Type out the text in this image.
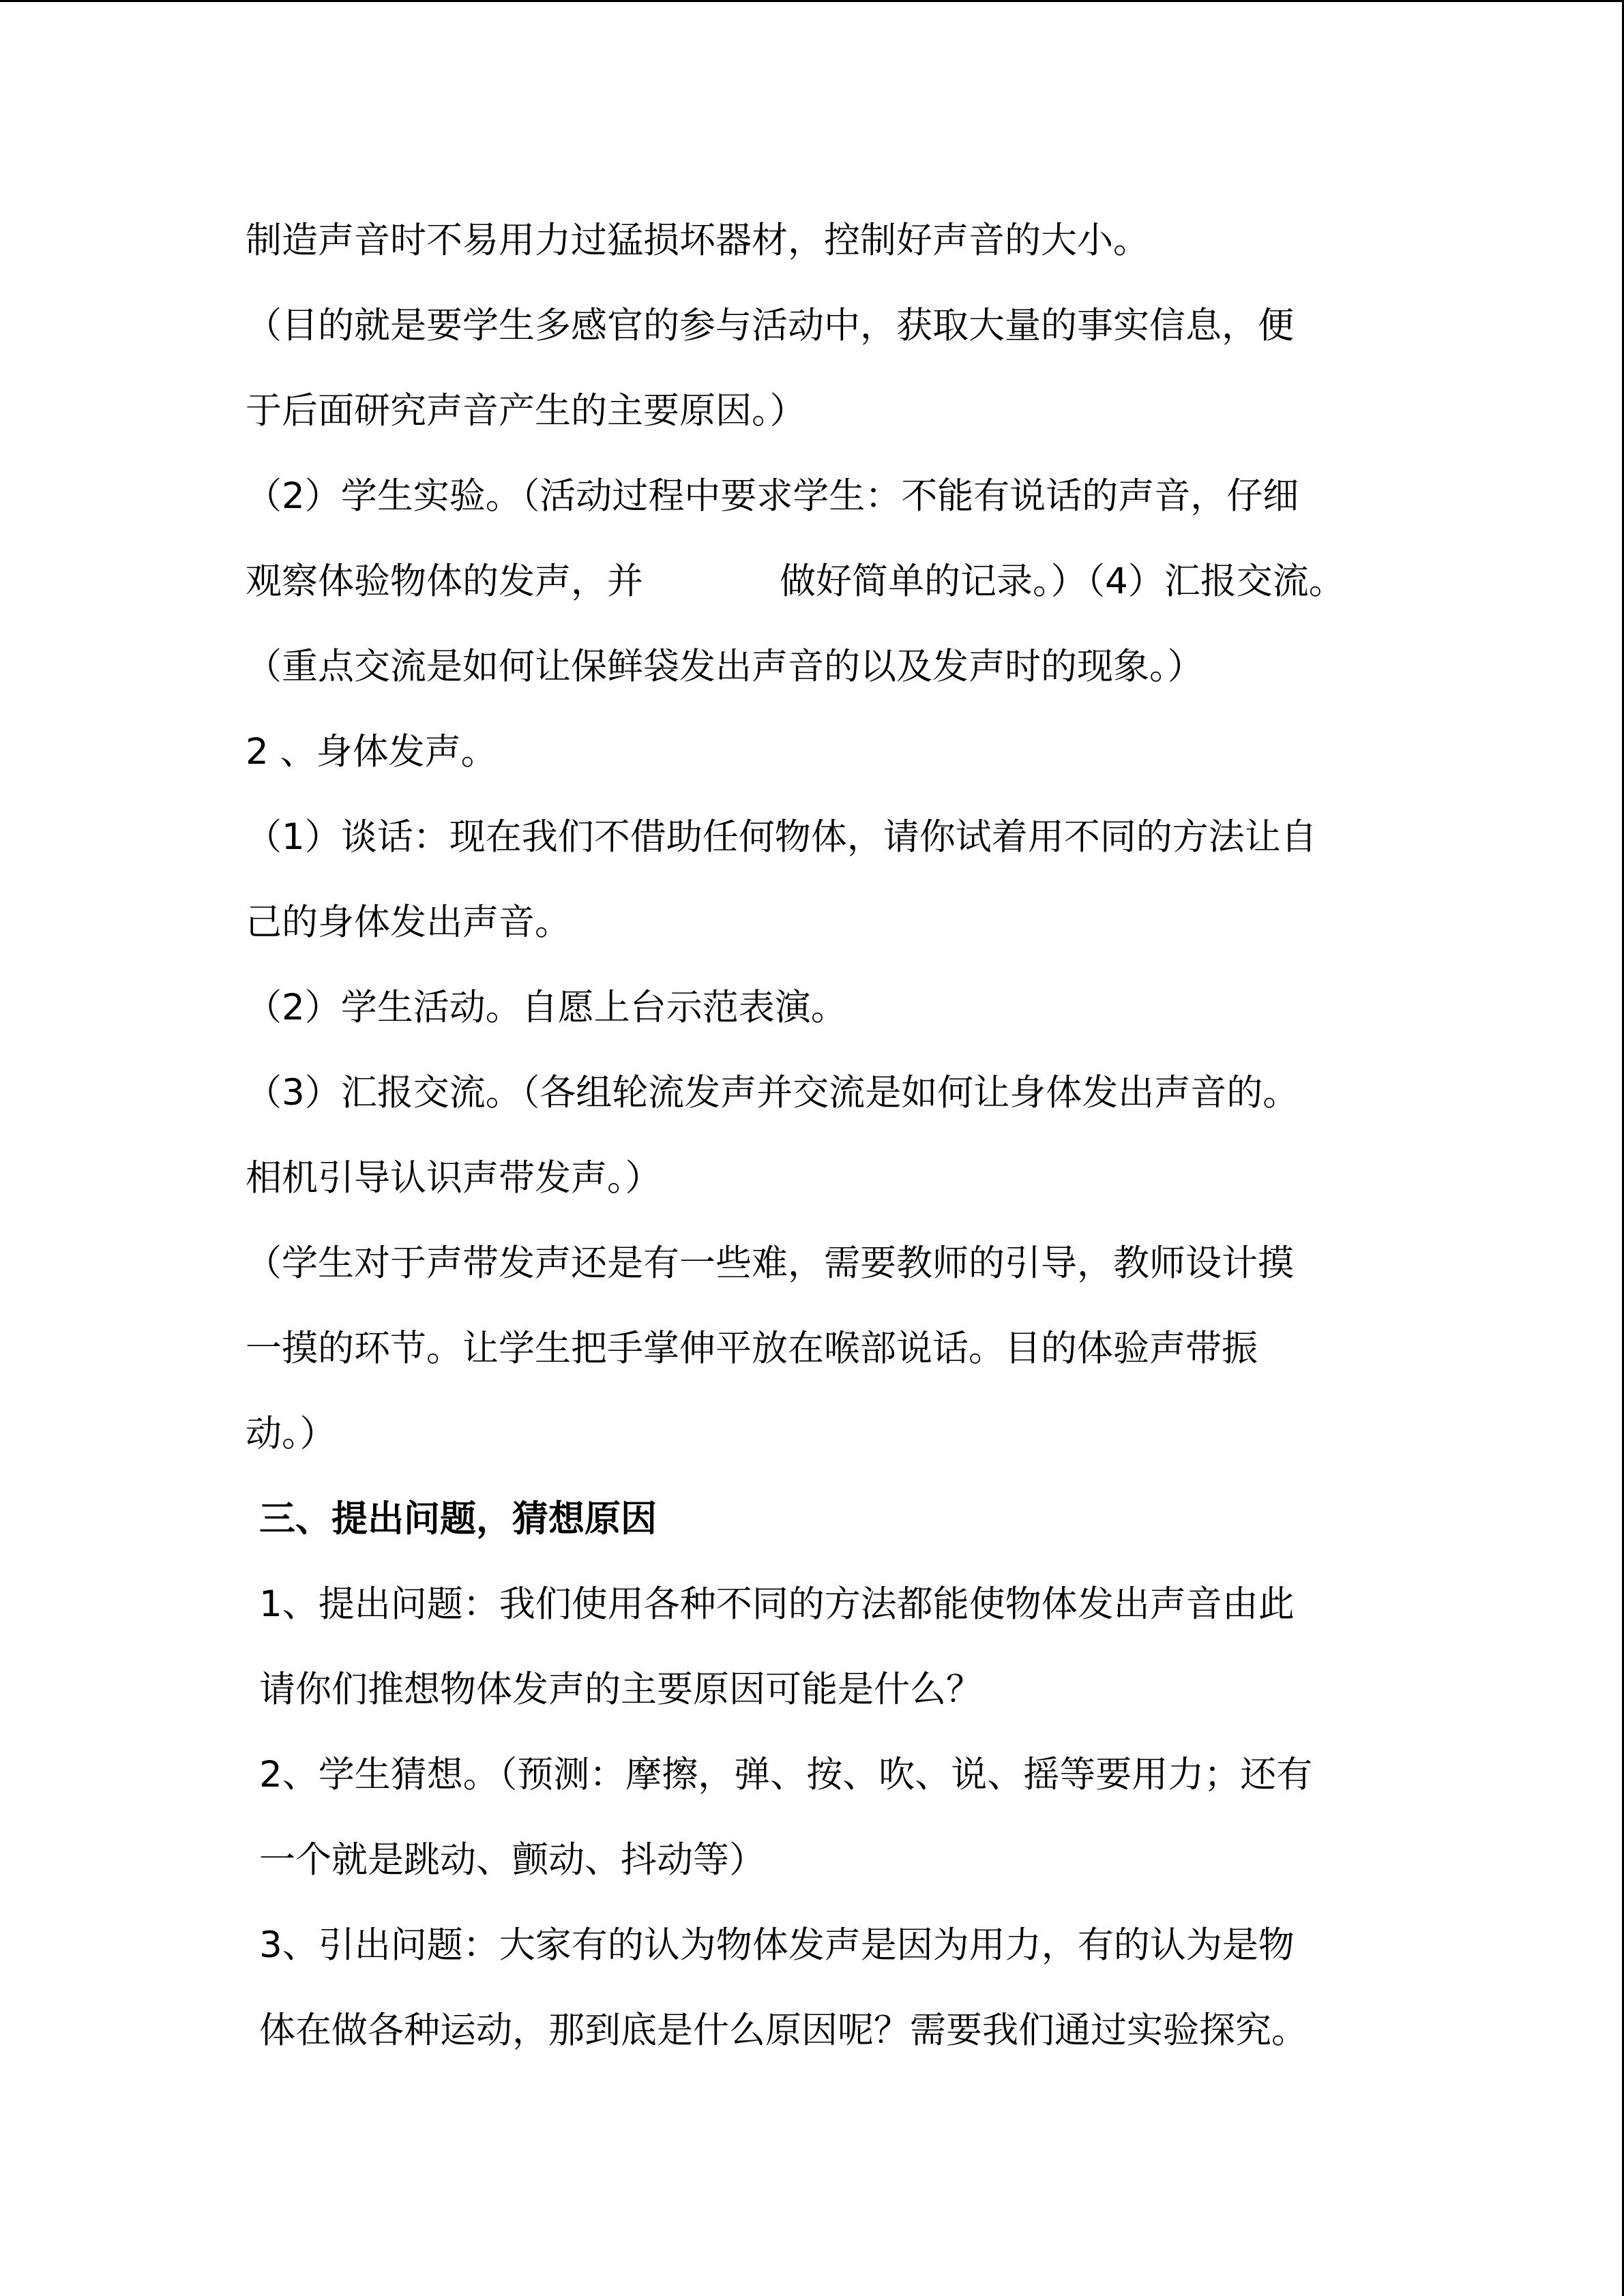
制造声音时不易用力过猛损坏器材，控制好声音的大小。
（目的就是要学生多感官的参与活动中，获取大量的事实信息，便
于后面研究声音产生的主要原因。）
（2）学生实验。（活动过程中要求学生：不能有说话的声音，仔细
观察体验物体的发声，并	做好简单的记录。）（4）汇报交流。
（重点交流是如何让保鲜袋发出声音的以及发声时的现象。）
2 、身体发声。
（1）谈话：现在我们不借助任何物体，请你试着用不同的方法让自
己的身体发出声音。
（2）学生活动。自愿上台示范表演。
（3）汇报交流。（各组轮流发声并交流是如何让身体发出声音的。
相机引导认识声带发声。）
（学生对于声带发声还是有一些难，需要教师的引导，教师设计摸
一摸的环节。让学生把手掌伸平放在喉部说话。目的体验声带振
动。）
三、提出问题，猜想原因
1、提出问题：我们使用各种不同的方法都能使物体发出声音由此
请你们推想物体发声的主要原因可能是什么？
2、学生猜想。（预测：摩擦，弹、按、吹、说、摇等要用力；还有
一个就是跳动、颤动、抖动等）
3、引出问题：大家有的认为物体发声是因为用力，有的认为是物
体在做各种运动，那到底是什么原因呢？需要我们通过实验探究。
